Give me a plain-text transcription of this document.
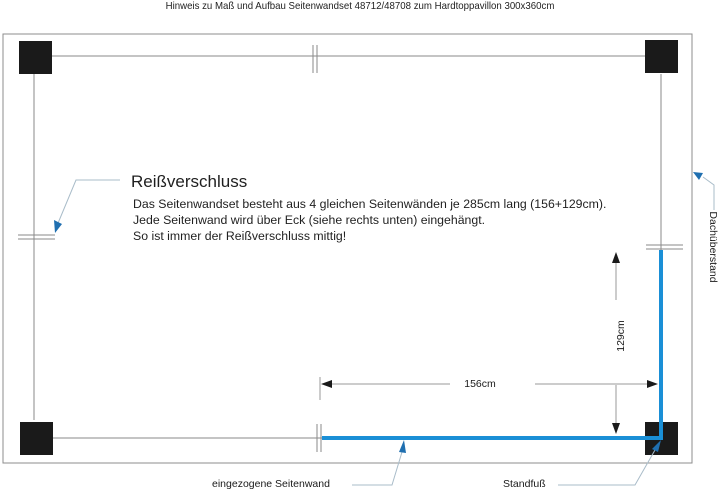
Hinweis zu Maß und Aufbau Seitenwandset 48712/48708 zum Hardtoppavillon 300x360cm
Reißverschluss
Das Seitenwandset besteht aus 4 gleichen Seitenwänden je 285cm lang (156+129cm).
Jede Seitenwand wird über Eck (siehe rechts unten) eingehängt.
So ist immer der Reißverschluss mittig!
156cm
129cm
Dachüberstand
eingezogene Seitenwand	Standfuß
